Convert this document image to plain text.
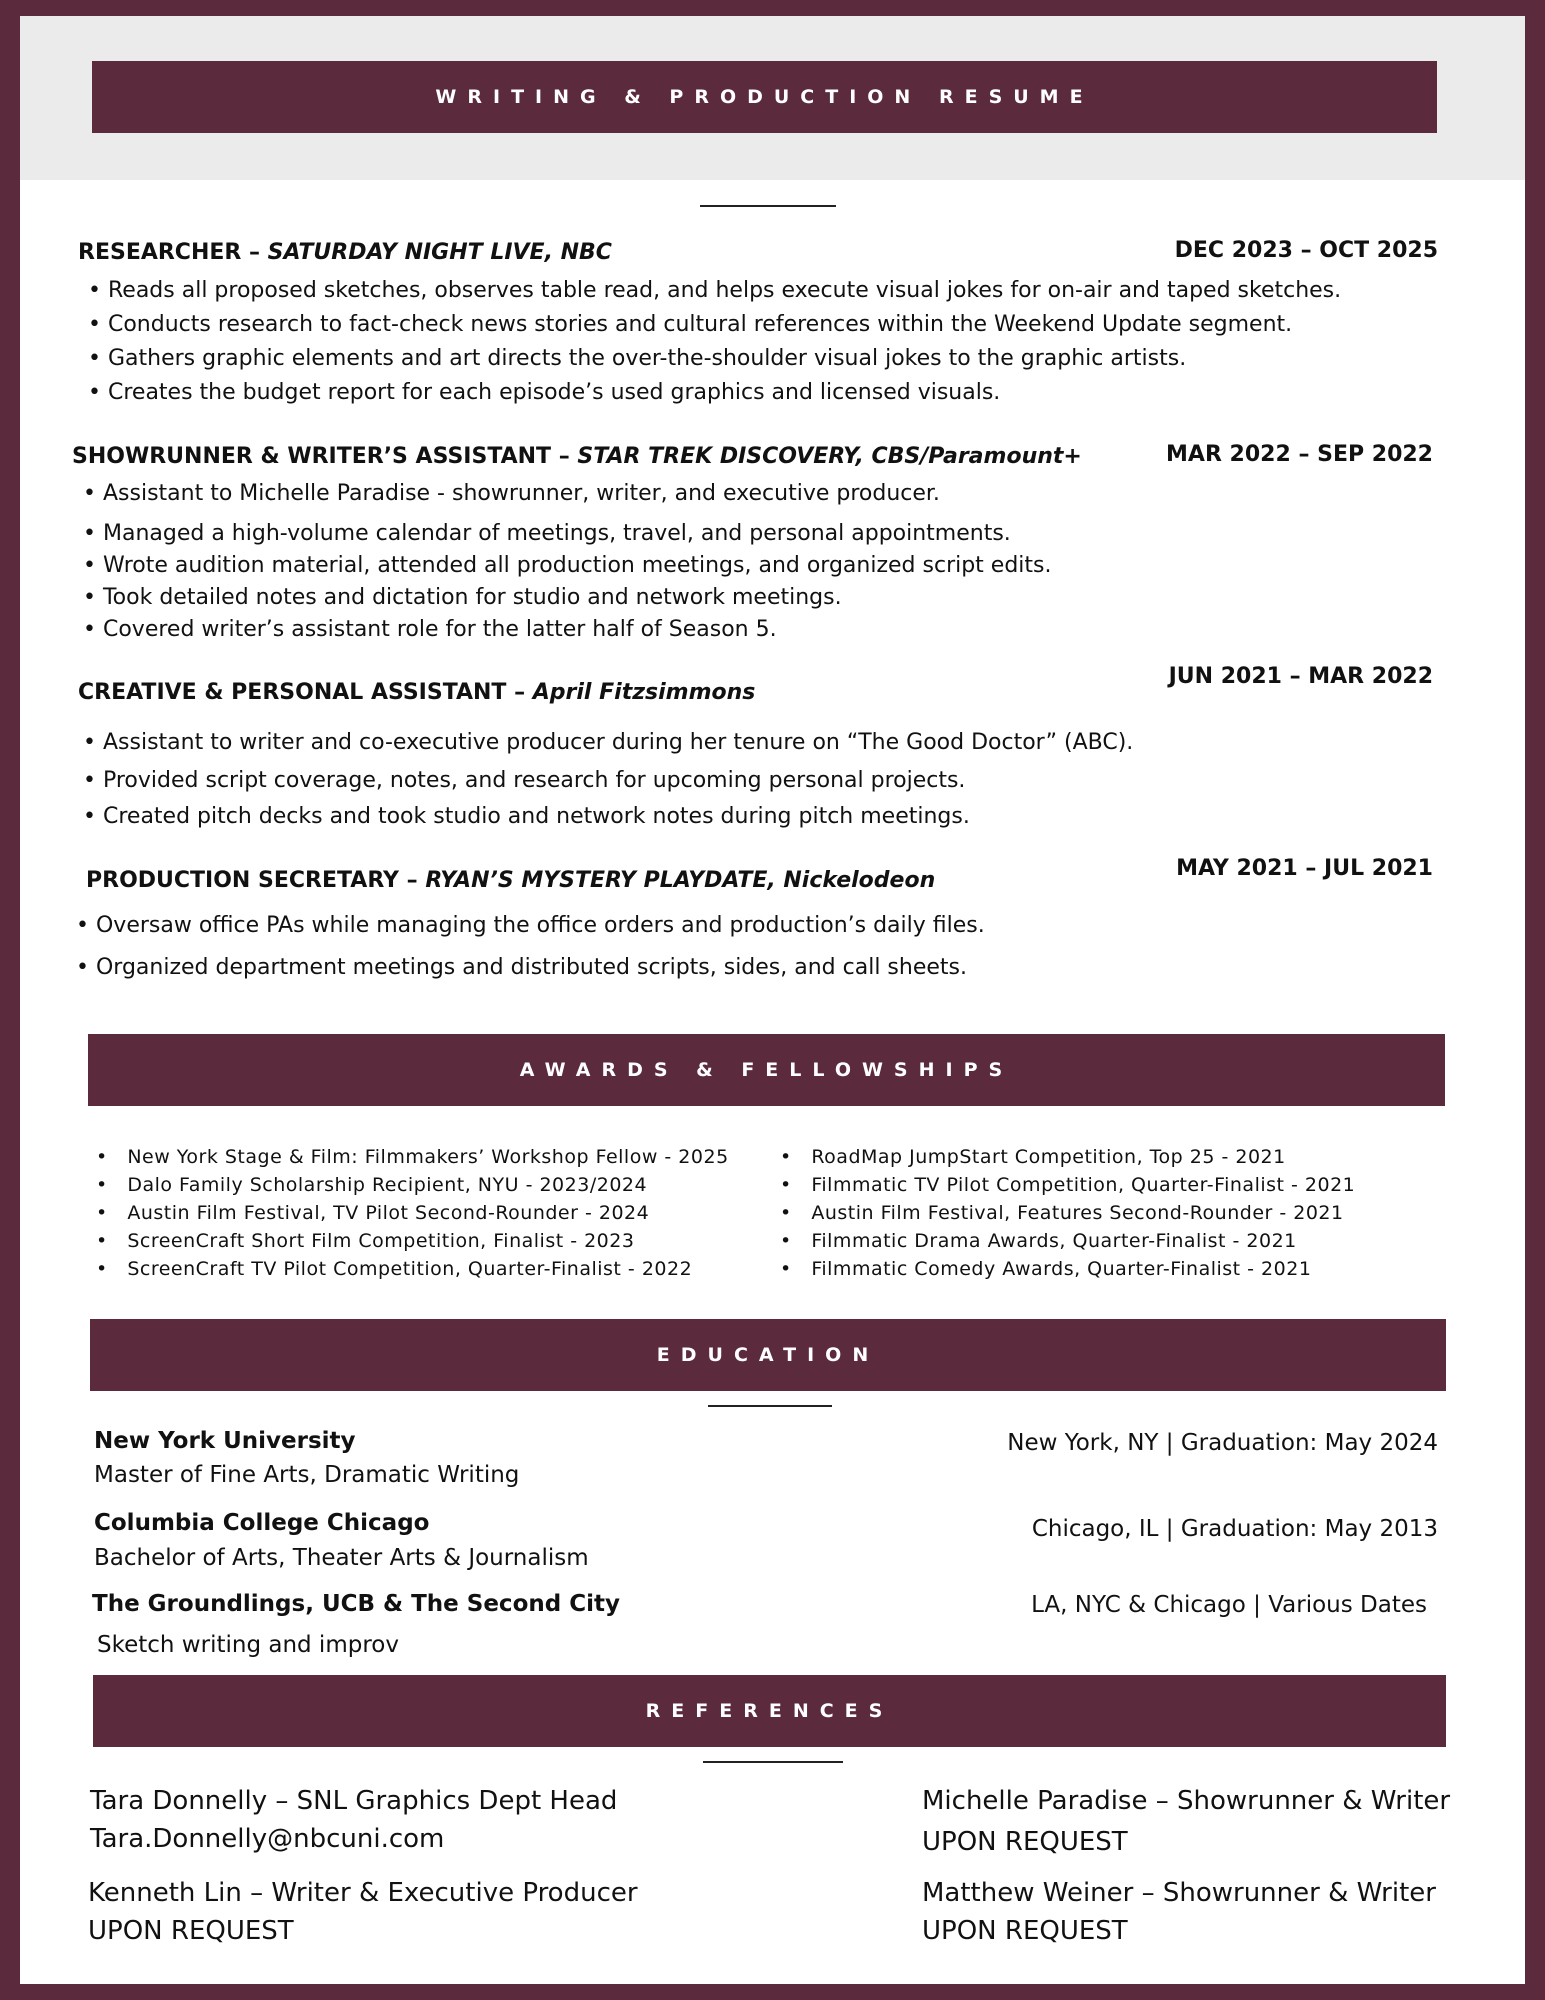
WRITING & PRODUCTION RESUME
RESEARCHER – SATURDAY NIGHT LIVE, NBC	DEC 2023 – OCT 2025
• Reads all proposed sketches, observes table read, and helps execute visual jokes for on-air and taped sketches.
• Conducts research to fact-check news stories and cultural references within the Weekend Update segment.
• Gathers graphic elements and art directs the over-the-shoulder visual jokes to the graphic artists.
• Creates the budget report for each episode’s used graphics and licensed visuals.
SHOWRUNNER & WRITER’S ASSISTANT – STAR TREK DISCOVERY, CBS/Paramount+	MAR 2022 – SEP 2022
• Assistant to Michelle Paradise - showrunner, writer, and executive producer.
• Managed a high-volume calendar of meetings, travel, and personal appointments.
• Wrote audition material, attended all production meetings, and organized script edits.
• Took detailed notes and dictation for studio and network meetings.
• Covered writer’s assistant role for the latter half of Season 5.
JUN 2021 – MAR 2022
CREATIVE & PERSONAL ASSISTANT – April Fitzsimmons
• Assistant to writer and co-executive producer during her tenure on “The Good Doctor” (ABC).
• Provided script coverage, notes, and research for upcoming personal projects.
• Created pitch decks and took studio and network notes during pitch meetings.
MAY 2021 – JUL 2021
PRODUCTION SECRETARY – RYAN’S MYSTERY PLAYDATE, Nickelodeon
• Oversaw office PAs while managing the office orders and production’s daily files.
• Organized department meetings and distributed scripts, sides, and call sheets.
AWARDS & FELLOWSHIPS
•   New York Stage & Film: Filmmakers’ Workshop Fellow - 2025
•   Dalo Family Scholarship Recipient, NYU - 2023/2024
•   Austin Film Festival, TV Pilot Second-Rounder - 2024
•   ScreenCraft Short Film Competition, Finalist - 2023
•   ScreenCraft TV Pilot Competition, Quarter-Finalist - 2022
•   RoadMap JumpStart Competition, Top 25 - 2021
•   Filmmatic TV Pilot Competition, Quarter-Finalist - 2021
•   Austin Film Festival, Features Second-Rounder - 2021
•   Filmmatic Drama Awards, Quarter-Finalist - 2021
•   Filmmatic Comedy Awards, Quarter-Finalist - 2021
EDUCATION
New York University
Master of Fine Arts, Dramatic Writing
New York, NY | Graduation: May 2024
Columbia College Chicago
Bachelor of Arts, Theater Arts & Journalism
Chicago, IL | Graduation: May 2013
The Groundlings, UCB & The Second City
Sketch writing and improv
LA, NYC & Chicago | Various Dates
REFERENCES
Tara Donnelly – SNL Graphics Dept Head
Tara.Donnelly@nbcuni.com
Michelle Paradise – Showrunner & Writer
UPON REQUEST
Kenneth Lin – Writer & Executive Producer
UPON REQUEST
Matthew Weiner – Showrunner & Writer
UPON REQUEST
